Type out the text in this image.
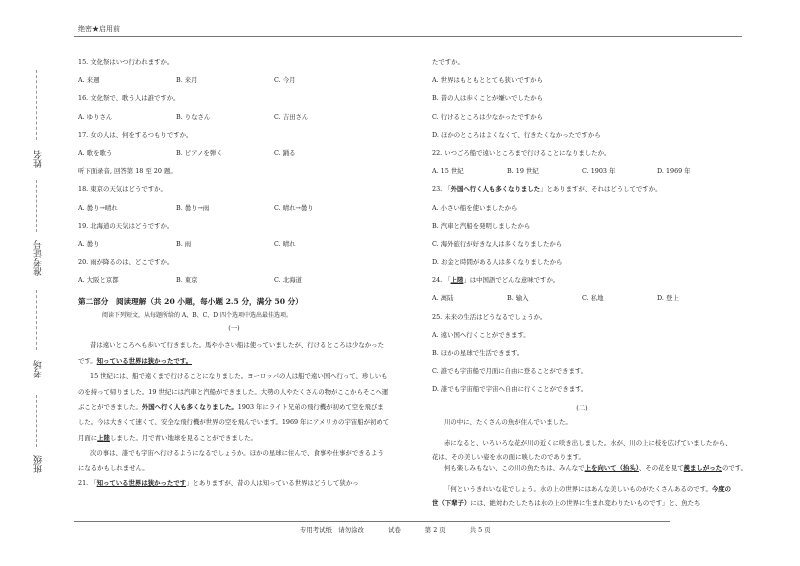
绝密★启用前
姓名
准考证号
考场
班级
15. 文化祭はいつ行われますか。
A. 来週	B. 来月	C. 今月
16. 文化祭で、歌う人は誰ですか。
A. ゆりさん	B. りなさん	C. 吉田さん
17. 女の人は、何をするつもりですか。
A. 歌を歌う	B. ピアノを弾く	C. 踊る
听下面录音, 回答第 18 至 20 题。
18. 東京の天気はどうですか。
A. 曇り→晴れ	B. 曇り→雨	C. 晴れ→曇り
19. 北海道の天気はどうですか。
A. 曇り	B. 雨	C. 晴れ
20. 雨が降るのは、どこですか。
A. 大阪と京都	B. 東京	C. 北海道
第二部分　阅读理解（共 20 小题，每小题 2.5 分，满分 50 分）
阅读下列短文，从每题所给的 A、B、C、D 四个选项中选出最佳选项。
(一)
昔は遠いところへも歩いて行きました。馬や小さい船は使っていましたが、行けるところは少なかったです。知っている世界は狭かったです。
15 世紀には、船で遠くまで行けることになりました。ヨーロッパの人は船で遠い国へ行って、珍しいものを持って帰りました。19 世紀には汽車と汽船ができました。大勢の人やたくさんの物がここからそこへ運ぶことができました。外国へ行く人も多くなりました。1903 年にライト兄弟の飛行機が初めて空を飛びました。今は大きくて速くて、安全な飛行機が世界の空を飛んでいます。1969 年にアメリカの宇宙船が初めて月面に上陸しました。月で青い地球を見ることができました。
次の事は、誰でも宇宙へ行けるようになるでしょうか。ほかの星球に住んで、食事や仕事ができるようになるかもしれません。
21. 「知っている世界は狭かったです」とありますが、昔の人は知っている世界はどうして狭かっ
たですか。
A. 世界はもともととても狭いですから
B. 昔の人は歩くことが嫌いでしたから
C. 行けるところは少なかったですから
D. ほかのところはよくなくて、行きたくなかったですから
22. いつごろ船で遠いところまで行けることになりましたか。
A. 15 世紀	B. 19 世紀	C. 1903 年	D. 1969 年
23. 「外国へ行く人も多くなりました」とありますが、それはどうしてですか。
A. 小さい船を使いましたから
B. 汽車と汽船を発明しましたから
C. 海外旅行が好きな人は多くなりましたから
D. お金と時間がある人は多くなりましたから
24. 「上陸」は中国語でどんな意味ですか。
A. 离陆	B. 输入	C. 私地	D. 登上
25. 未来の生活はどうなるでしょうか。
A. 遠い国へ行くことができます。
B. ほかの星球で生活できます。
C. 誰でも宇宙船で月面に自由に登ることができます。
D. 誰でも宇宙船で宇宙へ自由に行くことができます。
(二)
川の中に、たくさんの魚が住んでいました。
赤になると、いろいろな花が川の近くに咲き出しました。水が、川の上に枝を広げていましたから、花は、その美しい姿を水の面に映したのであります。
何も楽しみもない、この川の魚たちは、みんなで上を向いて（抬头）、その花を見て羨ましがったのです。
「何というきれいな花でしょう。水の上の世界にはあんな美しいものがたくさんあるのです。今度の世（下辈子）には、絶対わたしたちは水の上の世界に生まれ変わりたいものです」と、魚たち
专用考试纸　请勿涂改	试卷	第 2 页	共 5 页
